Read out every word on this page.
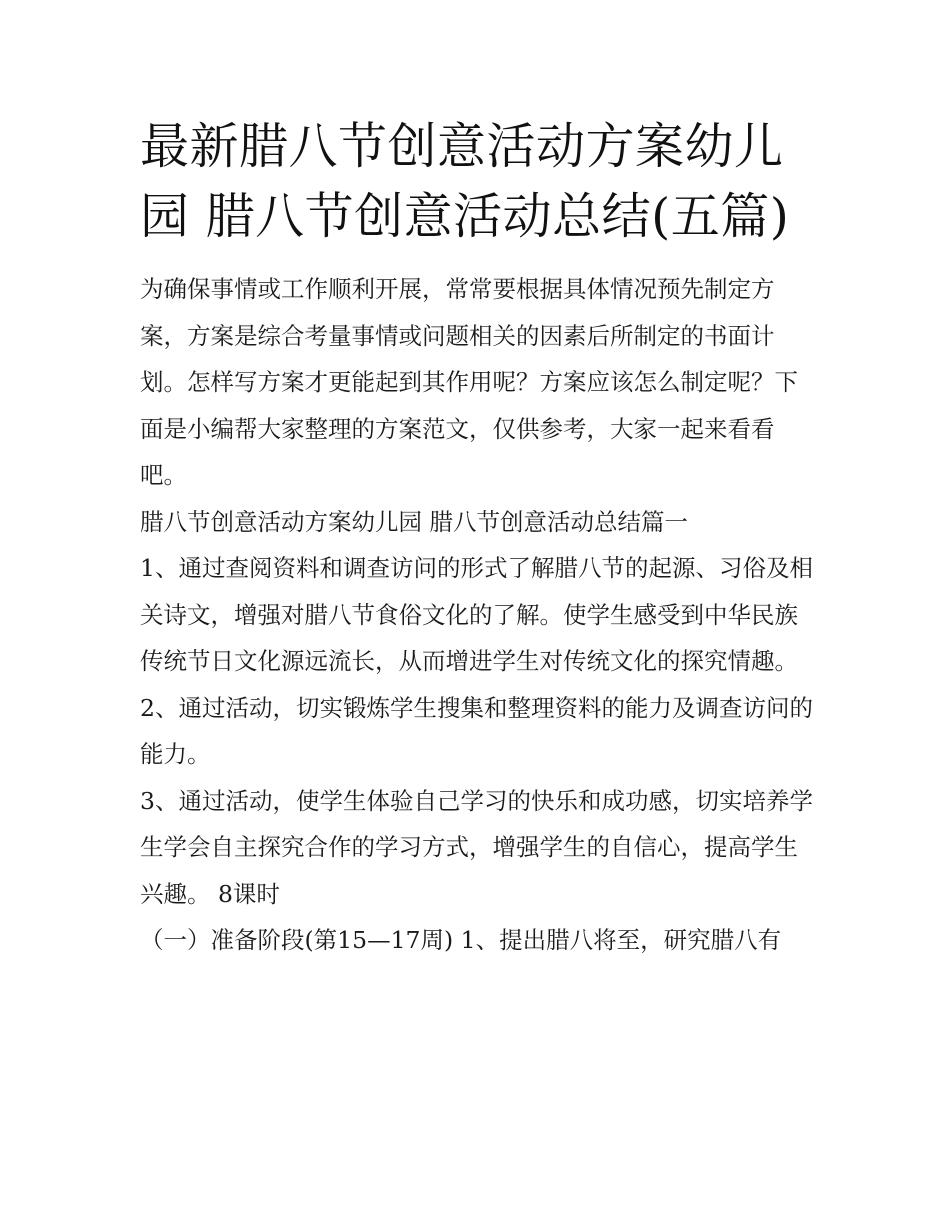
最新腊八节创意活动方案幼儿园 腊八节创意活动总结(五篇)

为确保事情或工作顺利开展，常常要根据具体情况预先制定方案，方案是综合考量事情或问题相关的因素后所制定的书面计划。怎样写方案才更能起到其作用呢？方案应该怎么制定呢？下面是小编帮大家整理的方案范文，仅供参考，大家一起来看看吧。

腊八节创意活动方案幼儿园 腊八节创意活动总结篇一

1、通过查阅资料和调查访问的形式了解腊八节的起源、习俗及相关诗文，增强对腊八节食俗文化的了解。使学生感受到中华民族传统节日文化源远流长，从而增进学生对传统文化的探究情趣。

2、通过活动，切实锻炼学生搜集和整理资料的能力及调查访问的能力。

3、通过活动，使学生体验自己学习的快乐和成功感，切实培养学生学会自主探究合作的学习方式，增强学生的自信心，提高学生兴趣。 8课时

（一）准备阶段(第15—17周) 1、提出腊八将至，研究腊八有
